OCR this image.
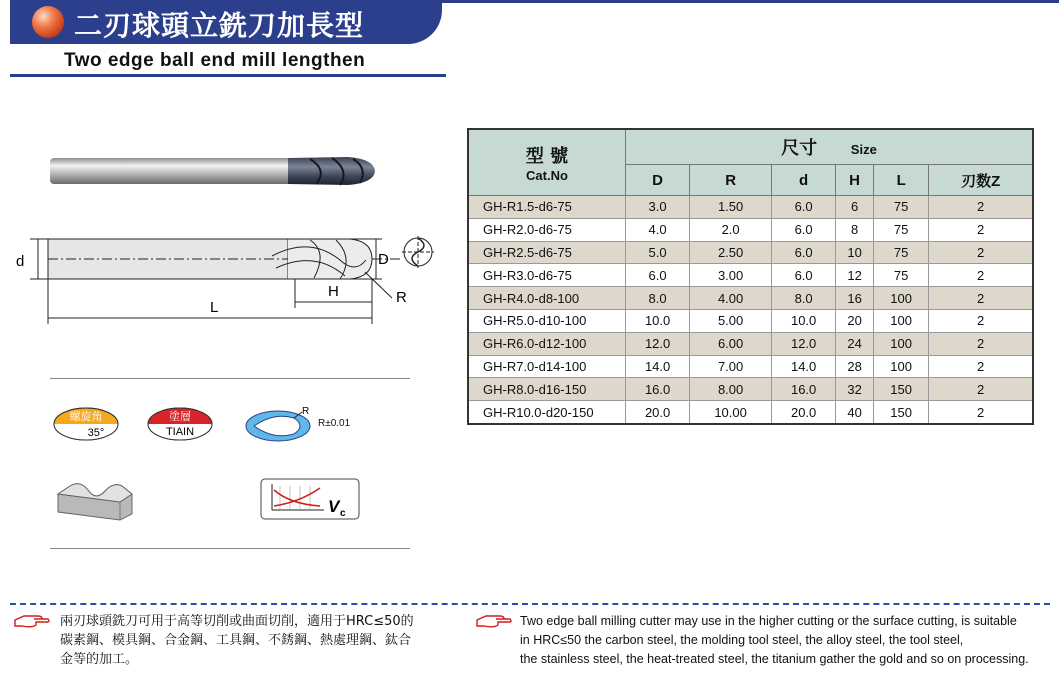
二刃球頭立銑刀加長型
Two edge ball end mill lengthen
d	D
H	R
L
螺旋角
35°
塗層
TIAIN
R
R±0.01
V c
型 號
Cat.No	尺寸 Size					
	D	R	d	H	L	刃数Z
GH-R1.5-d6-75	3.0	1.50	6.0	6	75	2
GH-R2.0-d6-75	4.0	2.0	6.0	8	75	2
GH-R2.5-d6-75	5.0	2.50	6.0	10	75	2
GH-R3.0-d6-75	6.0	3.00	6.0	12	75	2
GH-R4.0-d8-100	8.0	4.00	8.0	16	100	2
GH-R5.0-d10-100	10.0	5.00	10.0	20	100	2
GH-R6.0-d12-100	12.0	6.00	12.0	24	100	2
GH-R7.0-d14-100	14.0	7.00	14.0	28	100	2
GH-R8.0-d16-150	16.0	8.00	16.0	32	150	2
GH-R10.0-d20-150	20.0	10.00	20.0	40	150	2
兩刃球頭銑刀可用于高等切削或曲面切削，適用于HRC≤50的
碳素鋼、模具鋼、合金鋼、工具鋼、不銹鋼、熱處理鋼、鈦合
金等的加工。
Two edge ball milling cutter may use in the higher cutting or the surface cutting, is suitable
in HRC≤50 the carbon steel, the molding tool steel, the alloy steel, the tool steel,
the stainless steel, the heat-treated steel, the titanium gather the gold and so on processing.
